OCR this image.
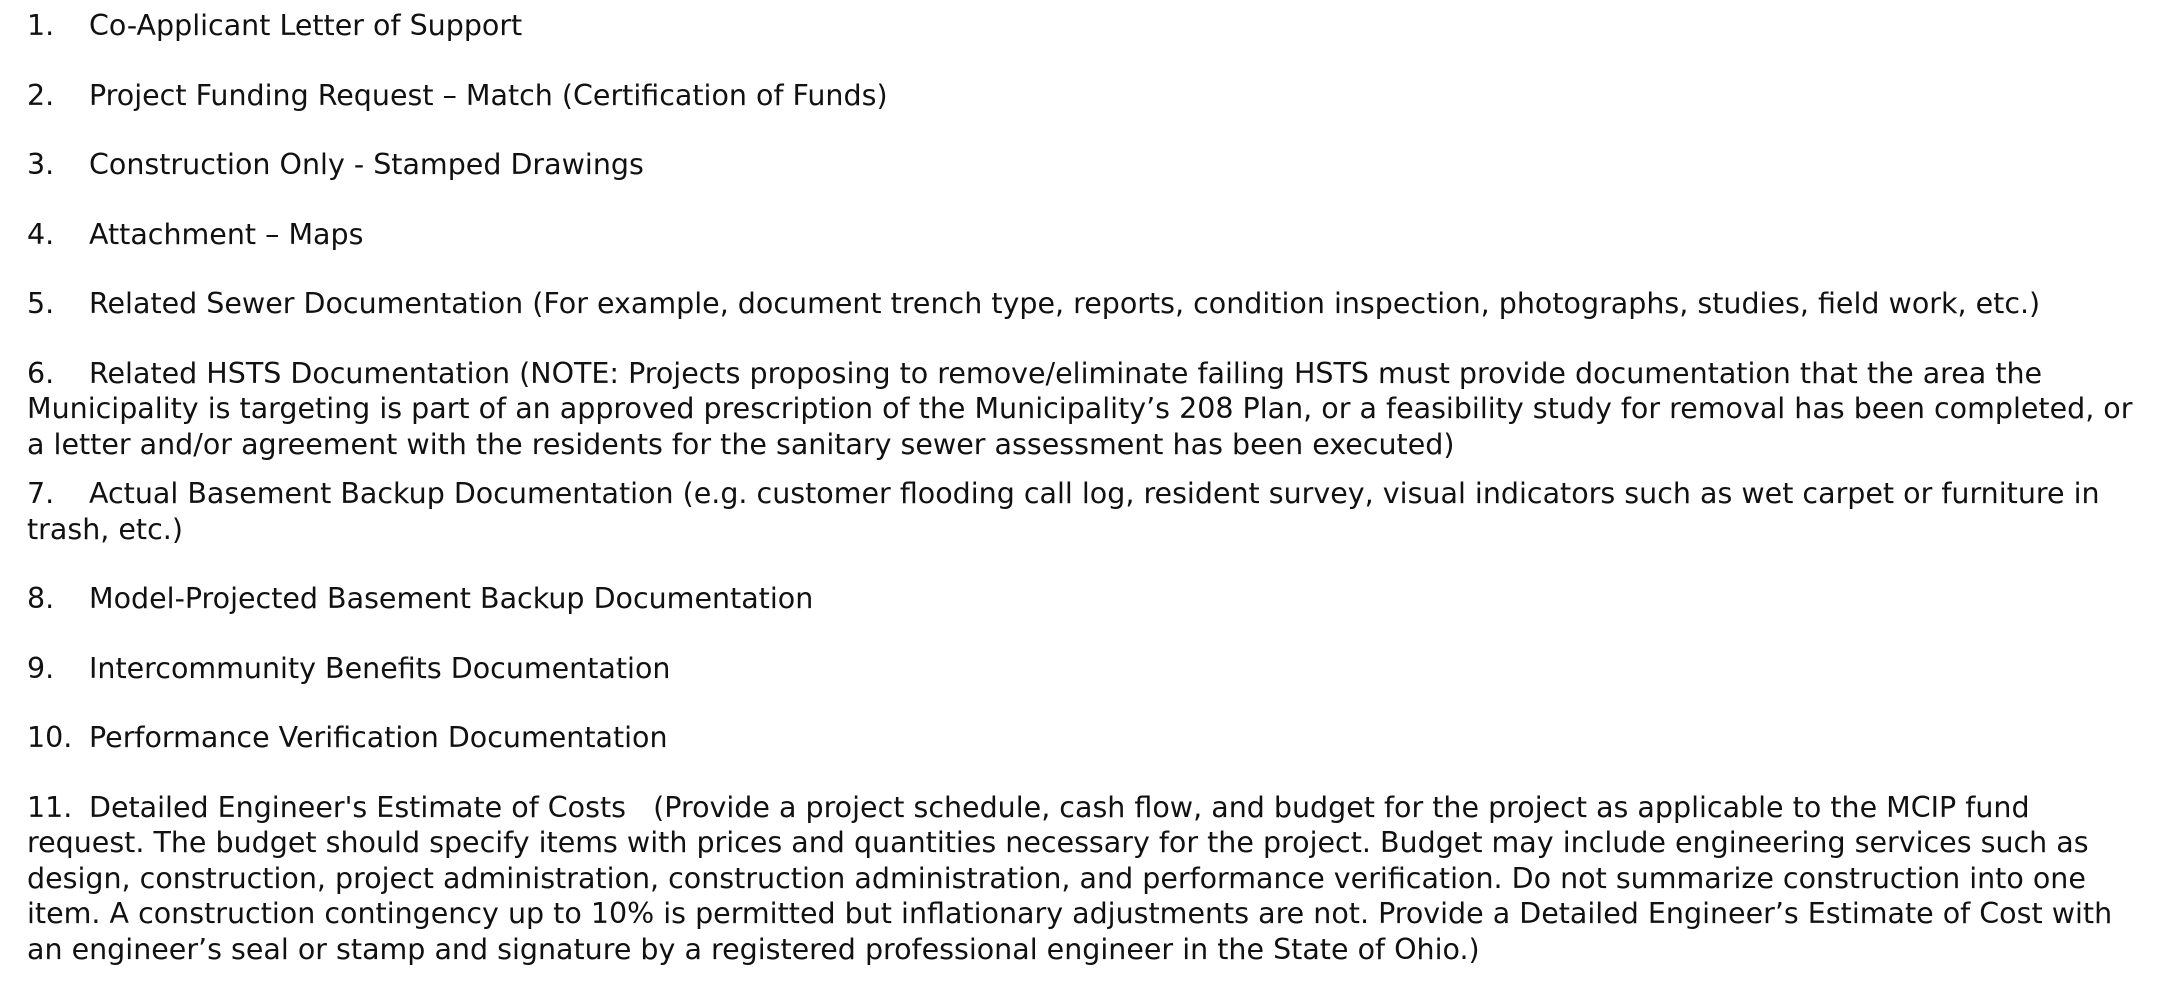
1. Co-Applicant Letter of Support
2. Project Funding Request – Match (Certification of Funds)
3. Construction Only - Stamped Drawings
4. Attachment – Maps
5. Related Sewer Documentation (For example, document trench type, reports, condition inspection, photographs, studies, field work, etc.)
6. Related HSTS Documentation (NOTE: Projects proposing to remove/eliminate failing HSTS must provide documentation that the area the Municipality is targeting is part of an approved prescription of the Municipality’s 208 Plan, or a feasibility study for removal has been completed, or a letter and/or agreement with the residents for the sanitary sewer assessment has been executed)
7. Actual Basement Backup Documentation (e.g. customer flooding call log, resident survey, visual indicators such as wet carpet or furniture in trash, etc.)
8. Model-Projected Basement Backup Documentation
9. Intercommunity Benefits Documentation
10. Performance Verification Documentation
11. Detailed Engineer's Estimate of Costs   (Provide a project schedule, cash flow, and budget for the project as applicable to the MCIP fund request. The budget should specify items with prices and quantities necessary for the project. Budget may include engineering services such as design, construction, project administration, construction administration, and performance verification. Do not summarize construction into one item. A construction contingency up to 10% is permitted but inflationary adjustments are not. Provide a Detailed Engineer’s Estimate of Cost with an engineer’s seal or stamp and signature by a registered professional engineer in the State of Ohio.)
